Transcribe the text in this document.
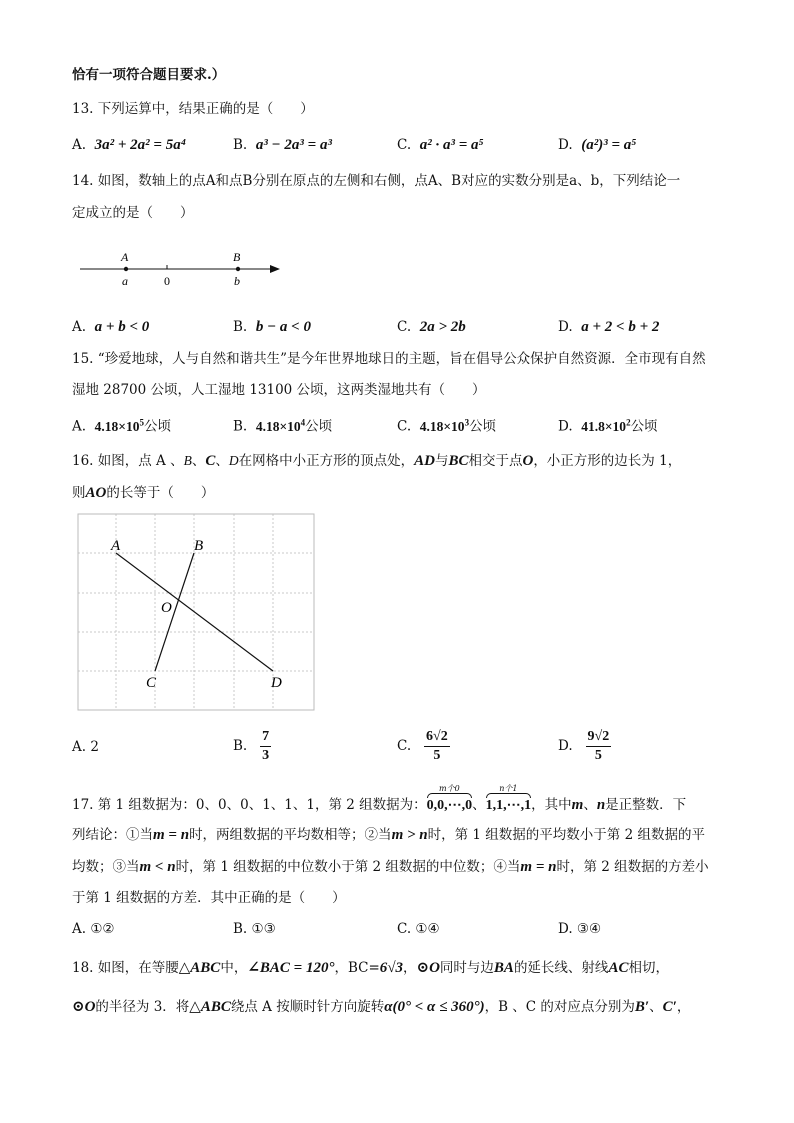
恰有一项符合题目要求.）
13. 下列运算中，结果正确的是（　　）
A. 3a² + 2a² = 5a⁴	B. a³ − 2a³ = a³	C. a² · a³ = a⁵	D. (a²)³ = a⁵
14. 如图，数轴上的点A和点B分别在原点的左侧和右侧，点A、B对应的实数分别是a、b，下列结论一
定成立的是（　　）
A	B
0
a	b
A. a + b < 0	B. b − a < 0	C. 2a > 2b	D. a + 2 < b + 2
15. “珍爱地球，人与自然和谐共生”是今年世界地球日的主题，旨在倡导公众保护自然资源．全市现有自然
湿地 28700 公顷，人工湿地 13100 公顷，这两类湿地共有（　　）
A. $4.18\times 10^5$公顷	B. $4.18\times 10^4$公顷	C. $4.18\times 10^3$公顷	D. $41.8\times 10^2$公顷
16. 如图，点 A 、B、C、D在网格中小正方形的顶点处，AD与BC相交于点O，小正方形的边长为 1，
则AO的长等于（　　）
A	B
O
C	D
A. 2	B. $\frac{7}{3}$	C. $\frac{6√2}{5}$	D. $\frac{9√2}{5}$
17. 第 1 组数据为：0、0、0、1、1、1，第 2 组数据为：
m个0
0,0,⋯,0 、
n个1
1,1,⋯,1 ，其中m、n是正整数．下
列结论：①当m = n时，两组数据的平均数相等；②当m > n时，第 1 组数据的平均数小于第 2 组数据的平
均数；③当m < n时，第 1 组数据的中位数小于第 2 组数据的中位数；④当m = n时，第 2 组数据的方差小
于第 1 组数据的方差．其中正确的是（　　）
A. ①②	B. ①③	C. ①④	D. ③④
18. 如图，在等腰△ABC中，∠BAC = 120°，BC=6√3，⊙O同时与边BA的延长线、射线AC相切，
⊙O的半径为 3．将△ABC绕点 A 按顺时针方向旋转α(0° < α ≤ 360°)，B 、C 的对应点分别为B′、C′，
